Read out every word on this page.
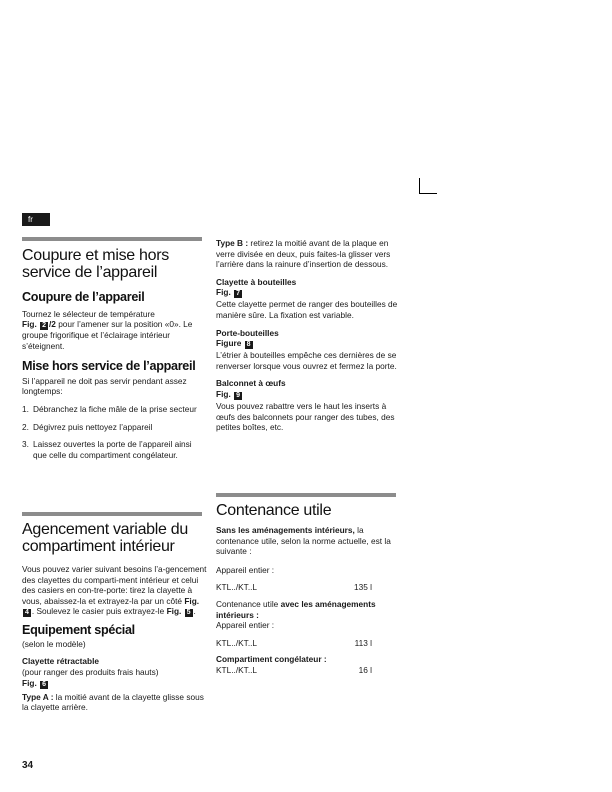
fr
Coupure et mise hors service de l’appareil
Coupure de l’appareil

Tournez le sélecteur de température
Fig. 2 /2 pour l’amener sur la position «0». Le groupe frigorifique et l’éclairage intérieur s’éteignent.

Mise hors service de l’appareil

Si l’appareil ne doit pas servir pendant assez longtemps:

1. Débranchez la fiche mâle de la prise secteur
2. Dégivrez puis nettoyez l’appareil
3. Laissez ouvertes la porte de l’appareil ainsi que celle du compartiment congélateur.
Agencement variable du compartiment intérieur

Vous pouvez varier suivant besoins l’a-gencement des clayettes du comparti-ment intérieur et celui des casiers en con-tre-porte: tirez la clayette à vous, abaissez-la et extrayez-la par un côté Fig. 4 . Soulevez le casier puis extrayez-le Fig. 5 .

Equipement spécial

(selon le modèle)

Clayette rétractable

(pour ranger des produits frais hauts)

Fig. 6

Type A : la moitié avant de la clayette glisse sous la clayette arrière.

34

Type B : retirez la moitié avant de la plaque en verre divisée en deux, puis faites-la glisser vers l’arrière dans la rainure d’insertion de dessous.

Clayette à bouteilles

Fig. 7

Cette clayette permet de ranger des bouteilles de manière sûre. La fixation est variable.

Porte-bouteilles

Figure 8

L’étrier à bouteilles empêche ces dernières de se renverser lorsque vous ouvrez et fermez la porte.

Balconnet à œufs

Fig. 9

Vous pouvez rabattre vers le haut les inserts à œufs des balconnets pour ranger des tubes, des petites boîtes, etc.

Contenance utile

Sans les aménagements intérieurs, la contenance utile, selon la norme actuelle, est la suivante :

Appareil entier :

KTL../KT..L	135 l

Contenance utile avec les aménagements intérieurs :

Appareil entier :

KTL../KT..L	113 l

Compartiment congélateur :

KTL../KT..L	16 l
